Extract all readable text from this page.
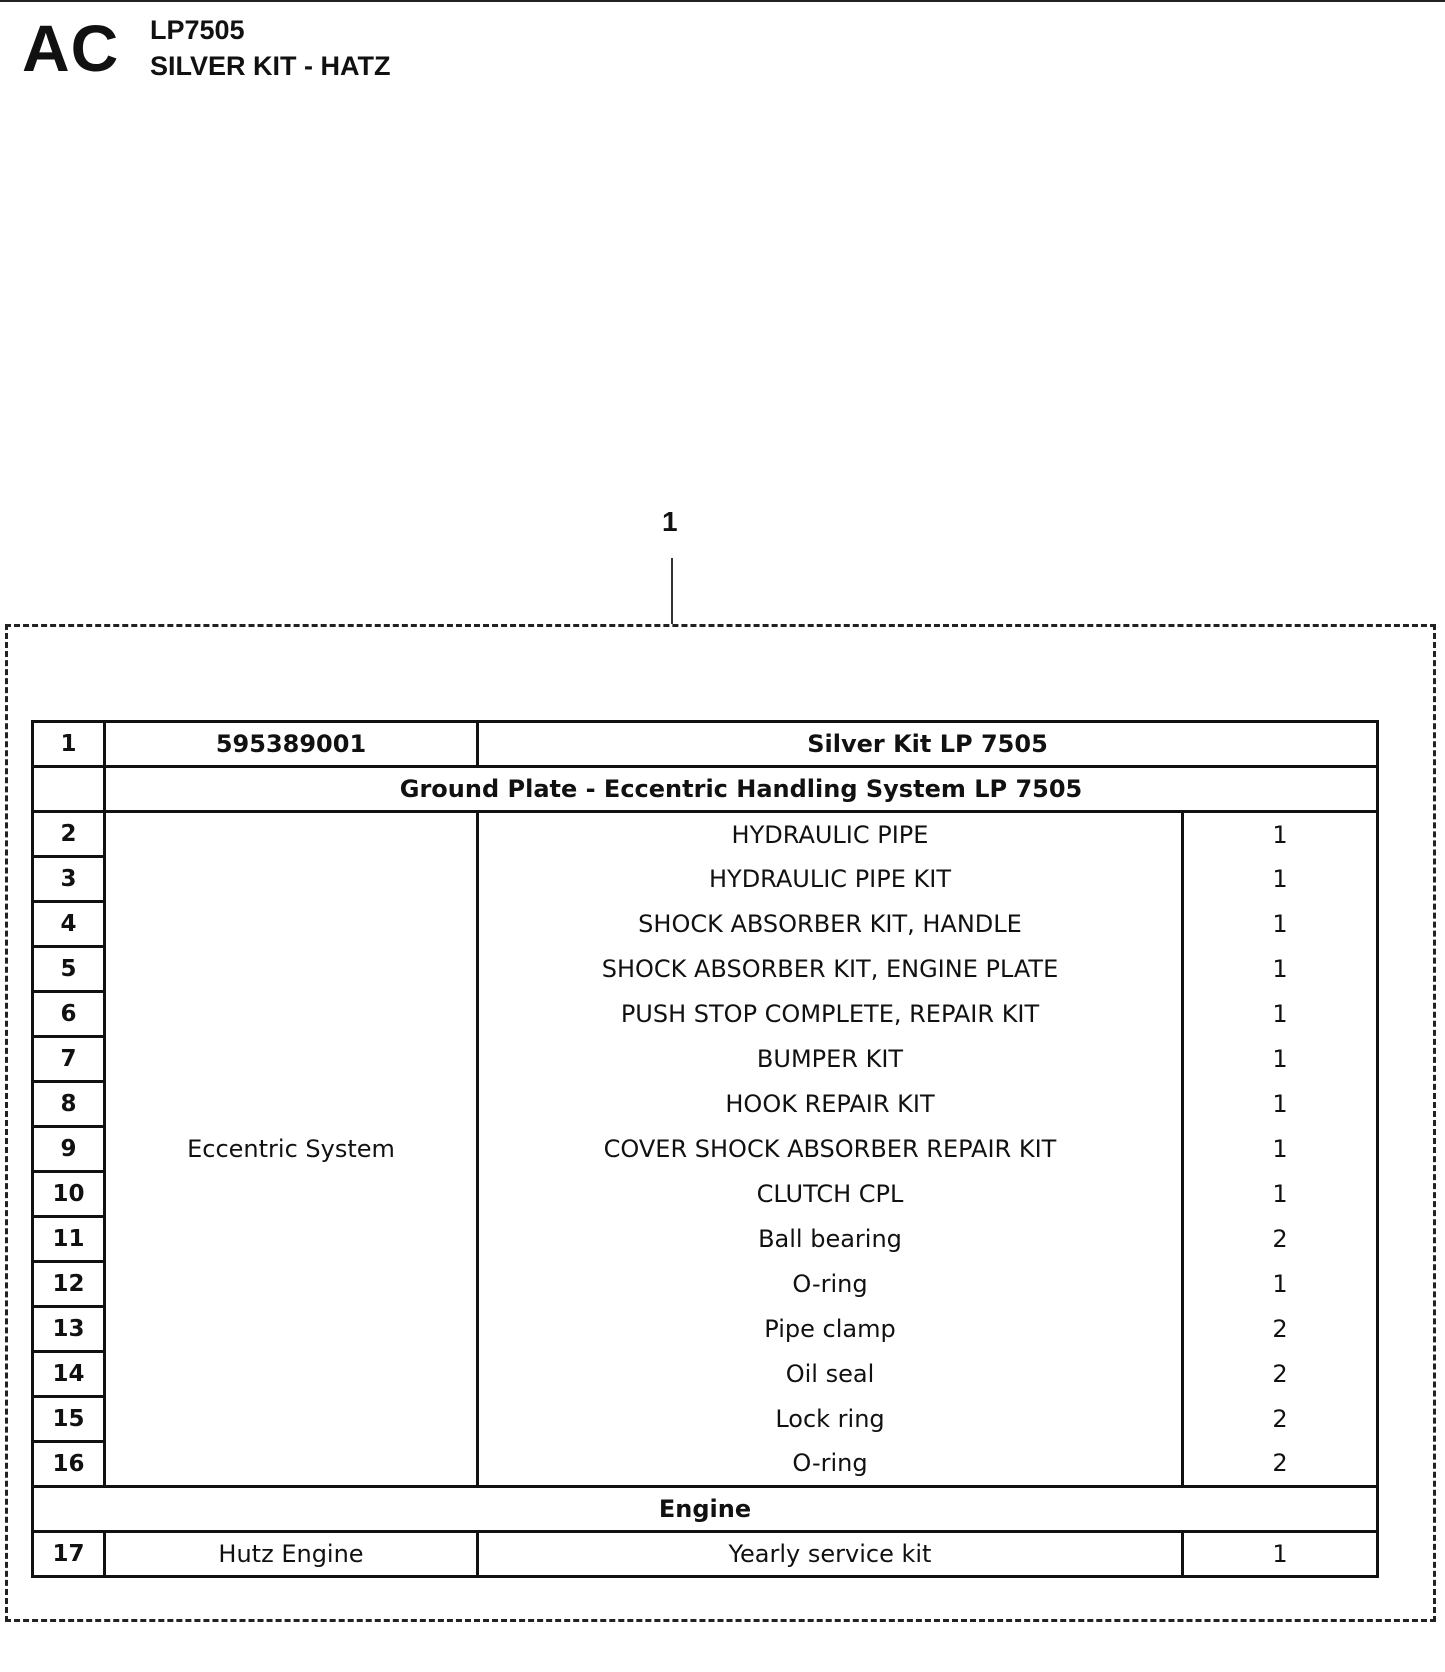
AC LP7505
SILVER KIT - HATZ
1
1	595389001	Silver Kit LP 7505	
	Ground Plate - Eccentric Handling System LP 7505		
2	Eccentric System	HYDRAULIC PIPE	1
3		HYDRAULIC PIPE KIT	1
4		SHOCK ABSORBER KIT, HANDLE	1
5		SHOCK ABSORBER KIT, ENGINE PLATE	1
6		PUSH STOP COMPLETE, REPAIR KIT	1
7		BUMPER KIT	1
8		HOOK REPAIR KIT	1
9		COVER SHOCK ABSORBER REPAIR KIT	1
10		CLUTCH CPL	1
11		Ball bearing	2
12		O-ring	1
13		Pipe clamp	2
14		Oil seal	2
15		Lock ring	2
16		O-ring	2
Engine			
17	Hutz Engine	Yearly service kit	1
